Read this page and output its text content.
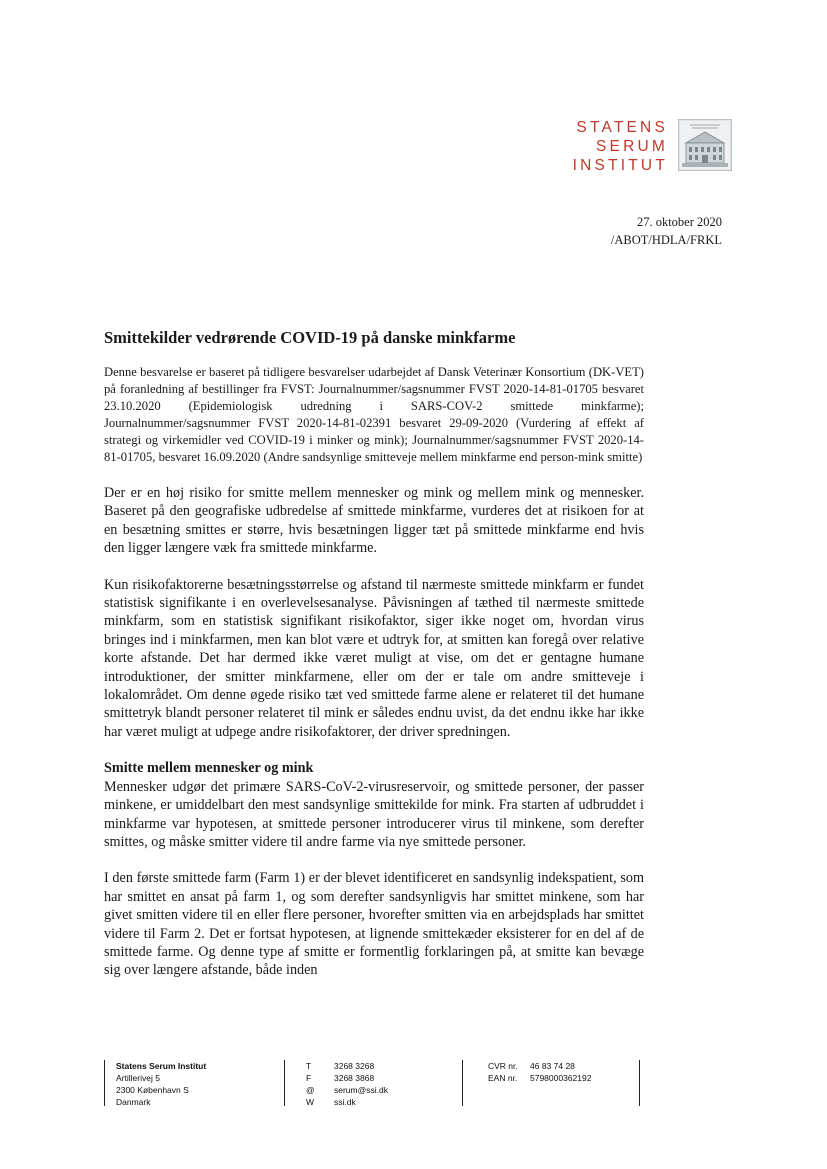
STATENS
SERUM
INSTITUT
27. oktober 2020
/ABOT/HDLA/FRKL
Smittekilder vedrørende COVID-19 på danske minkfarme

Denne besvarelse er baseret på tidligere besvarelser udarbejdet af Dansk Veterinær Konsortium (DK-VET) på foranledning af bestillinger fra FVST: Journalnummer/sagsnummer FVST 2020-14-81-01705 besvaret 23.10.2020 (Epidemiologisk udredning i SARS-COV-2 smittede minkfarme); Journalnummer/sagsnummer FVST 2020-14-81-02391 besvaret 29-09-2020 (Vurdering af effekt af strategi og virkemidler ved COVID-19 i minker og mink); Journalnummer/sagsnummer FVST 2020-14-81-01705, besvaret 16.09.2020 (Andre sandsynlige smitteveje mellem minkfarme end person-mink smitte)

Der er en høj risiko for smitte mellem mennesker og mink og mellem mink og mennesker. Baseret på den geografiske udbredelse af smittede minkfarme, vurderes det at risikoen for at en besætning smittes er større, hvis besætningen ligger tæt på smittede minkfarme end hvis den ligger længere væk fra smittede minkfarme.

Kun risikofaktorerne besætningsstørrelse og afstand til nærmeste smittede minkfarm er fundet statistisk signifikante i en overlevelsesanalyse. Påvisningen af tæthed til nærmeste smittede minkfarm, som en statistisk signifikant risikofaktor, siger ikke noget om, hvordan virus bringes ind i minkfarmen, men kan blot være et udtryk for, at smitten kan foregå over relative korte afstande. Det har dermed ikke været muligt at vise, om det er gentagne humane introduktioner, der smitter minkfarmene, eller om der er tale om andre smitteveje i lokalområdet. Om denne øgede risiko tæt ved smittede farme alene er relateret til det humane smittetryk blandt personer relateret til mink er således endnu uvist, da det endnu ikke har ikke har været muligt at udpege andre risikofaktorer, der driver spredningen.

Smitte mellem mennesker og mink

Mennesker udgør det primære SARS-CoV-2-virusreservoir, og smittede personer, der passer minkene, er umiddelbart den mest sandsynlige smittekilde for mink. Fra starten af udbruddet i minkfarme var hypotesen, at smittede personer introducerer virus til minkene, som derefter smittes, og måske smitter videre til andre farme via nye smittede personer.

I den første smittede farm (Farm 1) er der blevet identificeret en sandsynlig indekspatient, som har smittet en ansat på farm 1, og som derefter sandsynligvis har smittet minkene, som har givet smitten videre til en eller flere personer, hvorefter smitten via en arbejdsplads har smittet videre til Farm 2. Det er fortsat hypotesen, at lignende smittekæder eksisterer for en del af de smittede farme. Og denne type af smitte er formentlig forklaringen på, at smitte kan bevæge sig over længere afstande, både inden

Statens Serum Institut
Artillerivej 5
2300 København S
Danmark
T	3268 3268
F	3268 3868
@	serum@ssi.dk
W	ssi.dk
CVR nr.	46 83 74 28
EAN nr.	5798000362192
